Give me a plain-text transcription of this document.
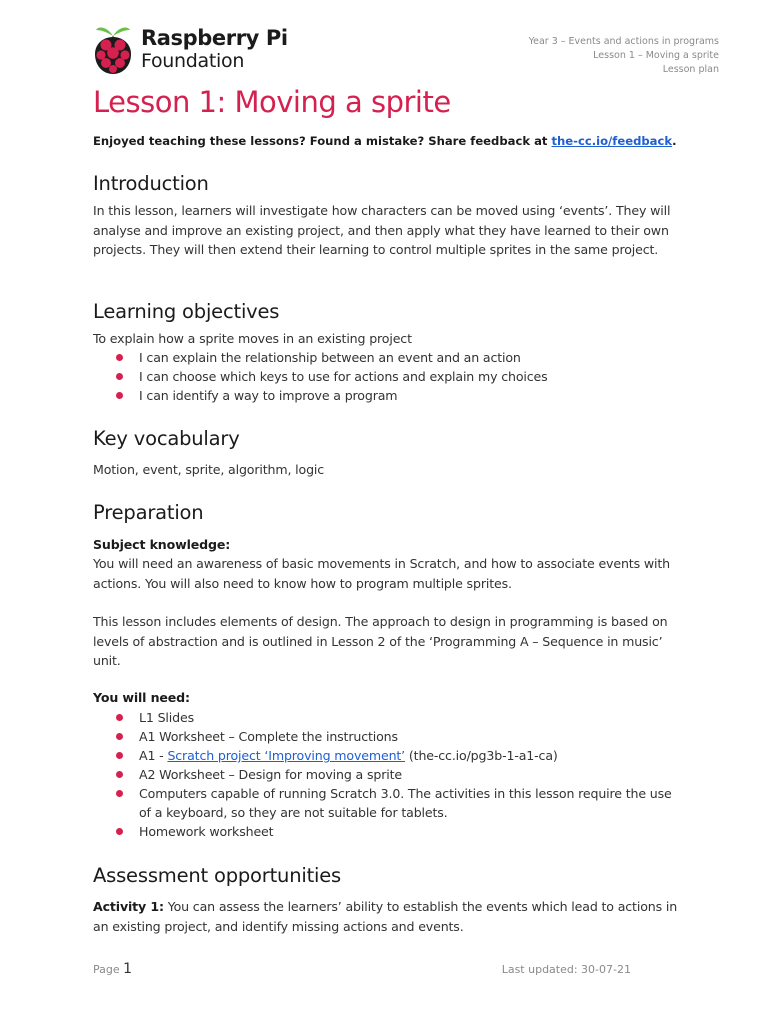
Raspberry Pi
Foundation
Year 3 – Events and actions in programs
Lesson 1 – Moving a sprite
Lesson plan
Lesson 1: Moving a sprite
Enjoyed teaching these lessons? Found a mistake? Share feedback at the-cc.io/feedback.
Introduction
In this lesson, learners will investigate how characters can be moved using ‘events’. They will analyse and improve an existing project, and then apply what they have learned to their own projects. They will then extend their learning to control multiple sprites in the same project.
Learning objectives
To explain how a sprite moves in an existing project
I can explain the relationship between an event and an action
I can choose which keys to use for actions and explain my choices
I can identify a way to improve a program
Key vocabulary
Motion, event, sprite, algorithm, logic
Preparation
Subject knowledge:
You will need an awareness of basic movements in Scratch, and how to associate events with actions. You will also need to know how to program multiple sprites.
This lesson includes elements of design. The approach to design in programming is based on levels of abstraction and is outlined in Lesson 2 of the ‘Programming A – Sequence in music’ unit.
You will need:
L1 Slides
A1 Worksheet – Complete the instructions
A1 - Scratch project ‘Improving movement’ (the-cc.io/pg3b-1-a1-ca)
A2 Worksheet – Design for moving a sprite
Computers capable of running Scratch 3.0. The activities in this lesson require the use of a keyboard, so they are not suitable for tablets.
Homework worksheet
Assessment opportunities
Activity 1: You can assess the learners’ ability to establish the events which lead to actions in an existing project, and identify missing actions and events.
Page 1	Last updated: 30-07-21
